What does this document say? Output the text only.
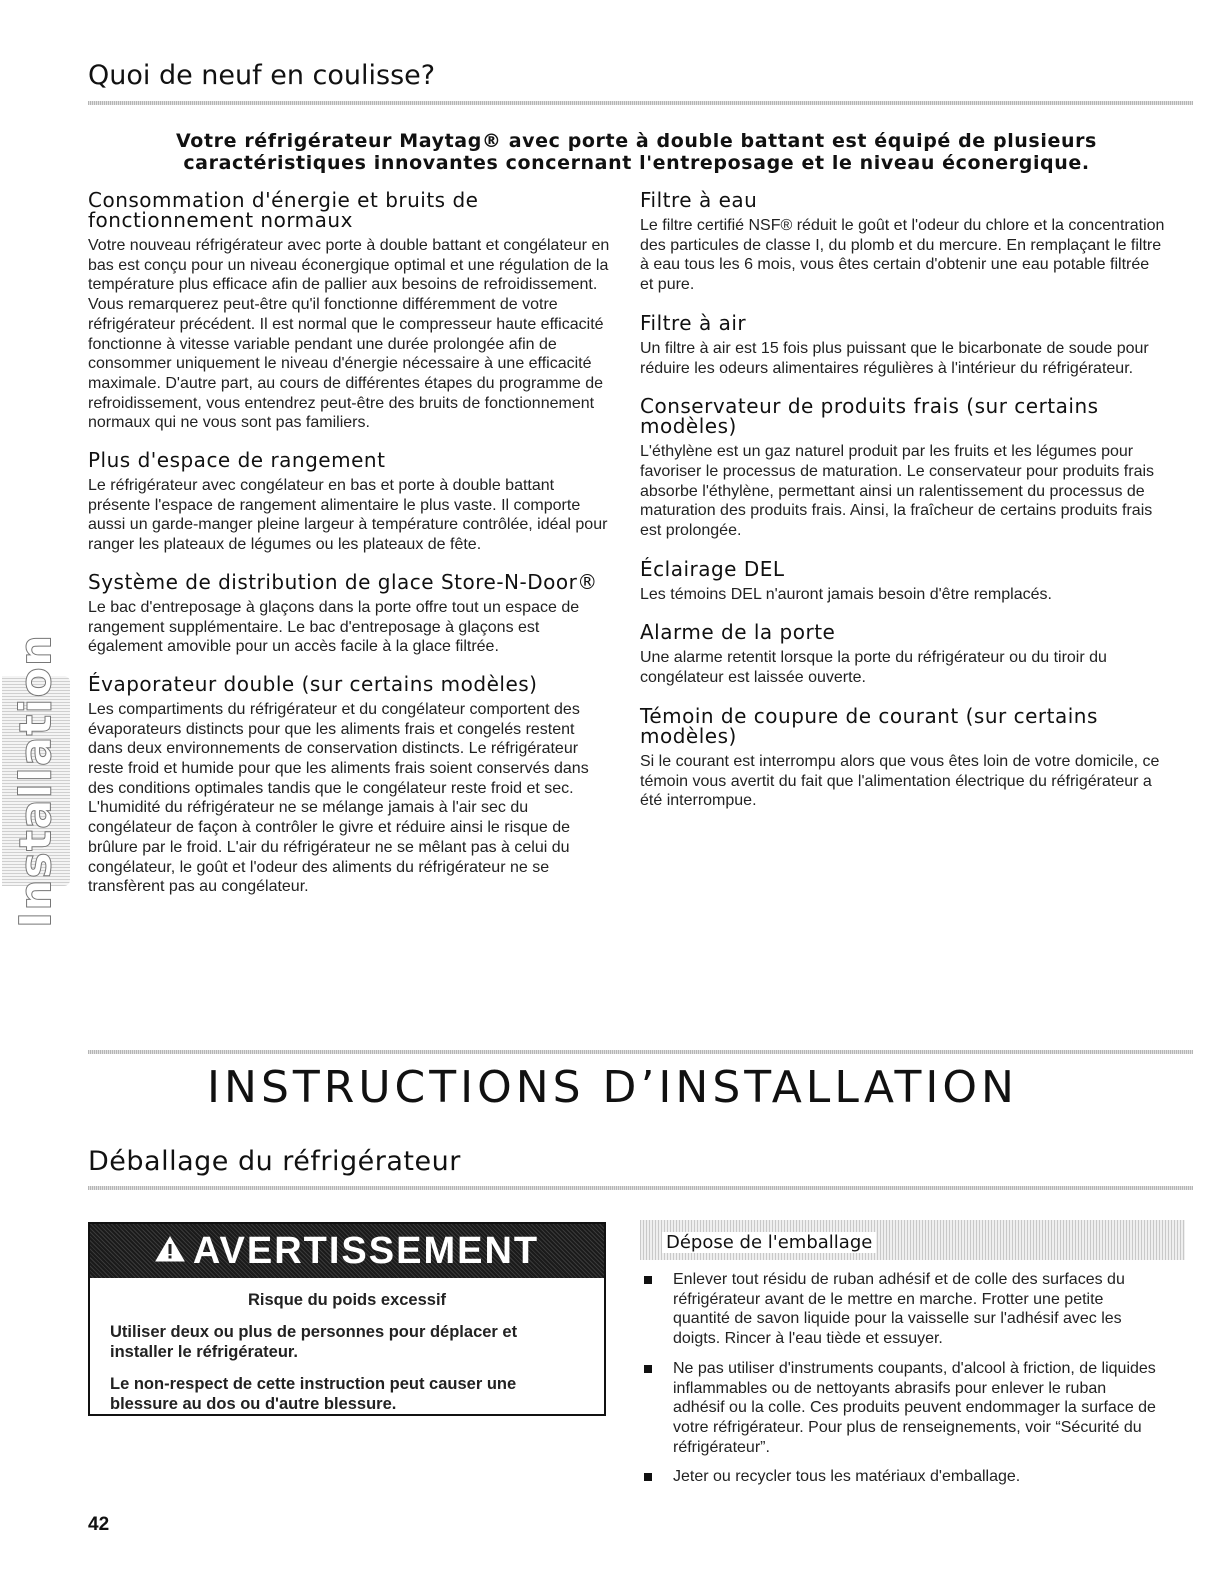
Quoi de neuf en coulisse?
Votre réfrigérateur Maytag® avec porte à double battant est équipé de plusieurs caractéristiques innovantes concernant l'entreposage et le niveau éconergique.
Consommation d'énergie et bruits de fonctionnement normaux

Votre nouveau réfrigérateur avec porte à double battant et congélateur en bas est conçu pour un niveau éconergique optimal et une régulation de la température plus efficace afin de pallier aux besoins de refroidissement. Vous remarquerez peut-être qu'il fonctionne différemment de votre réfrigérateur précédent. Il est normal que le compresseur haute efficacité fonctionne à vitesse variable pendant une durée prolongée afin de consommer uniquement le niveau d'énergie nécessaire à une efficacité maximale. D'autre part, au cours de différentes étapes du programme de refroidissement, vous entendrez peut-être des bruits de fonctionnement normaux qui ne vous sont pas familiers.

Plus d'espace de rangement

Le réfrigérateur avec congélateur en bas et porte à double battant présente l'espace de rangement alimentaire le plus vaste. Il comporte aussi un garde-manger pleine largeur à température contrôlée, idéal pour ranger les plateaux de légumes ou les plateaux de fête.

Système de distribution de glace Store-N-Door®

Le bac d'entreposage à glaçons dans la porte offre tout un espace de rangement supplémentaire. Le bac d'entreposage à glaçons est également amovible pour un accès facile à la glace filtrée.

Évaporateur double (sur certains modèles)

Les compartiments du réfrigérateur et du congélateur comportent des évaporateurs distincts pour que les aliments frais et congelés restent dans deux environnements de conservation distincts. Le réfrigérateur reste froid et humide pour que les aliments frais soient conservés dans des conditions optimales tandis que le congélateur reste froid et sec. L'humidité du réfrigérateur ne se mélange jamais à l'air sec du congélateur de façon à contrôler le givre et réduire ainsi le risque de brûlure par le froid. L'air du réfrigérateur ne se mêlant pas à celui du congélateur, le goût et l'odeur des aliments du réfrigérateur ne se transfèrent pas au congélateur.

Filtre à eau

Le filtre certifié NSF® réduit le goût et l'odeur du chlore et la concentration des particules de classe I, du plomb et du mercure. En remplaçant le filtre à eau tous les 6 mois, vous êtes certain d'obtenir une eau potable filtrée et pure.

Filtre à air

Un filtre à air est 15 fois plus puissant que le bicarbonate de soude pour réduire les odeurs alimentaires régulières à l'intérieur du réfrigérateur.

Conservateur de produits frais (sur certains modèles)

L'éthylène est un gaz naturel produit par les fruits et les légumes pour favoriser le processus de maturation. Le conservateur pour produits frais absorbe l'éthylène, permettant ainsi un ralentissement du processus de maturation des produits frais. Ainsi, la fraîcheur de certains produits frais est prolongée.

Éclairage DEL

Les témoins DEL n'auront jamais besoin d'être remplacés.

Alarme de la porte

Une alarme retentit lorsque la porte du réfrigérateur ou du tiroir du congélateur est laissée ouverte.

Témoin de coupure de courant (sur certains modèles)

Si le courant est interrompu alors que vous êtes loin de votre domicile, ce témoin vous avertit du fait que l'alimentation électrique du réfrigérateur a été interrompue.

Installation
INSTRUCTIONS D’INSTALLATION
Déballage du réfrigérateur
AVERTISSEMENT
Risque du poids excessif

Utiliser deux ou plus de personnes pour déplacer et installer le réfrigérateur.

Le non-respect de cette instruction peut causer une blessure au dos ou d'autre blessure.

Dépose de l'emballage
Enlever tout résidu de ruban adhésif et de colle des surfaces du réfrigérateur avant de le mettre en marche. Frotter une petite quantité de savon liquide pour la vaisselle sur l'adhésif avec les doigts. Rincer à l'eau tiède et essuyer.
Ne pas utiliser d'instruments coupants, d'alcool à friction, de liquides inflammables ou de nettoyants abrasifs pour enlever le ruban adhésif ou la colle. Ces produits peuvent endommager la surface de votre réfrigérateur. Pour plus de renseignements, voir “Sécurité du réfrigérateur”.
Jeter ou recycler tous les matériaux d'emballage.
42
